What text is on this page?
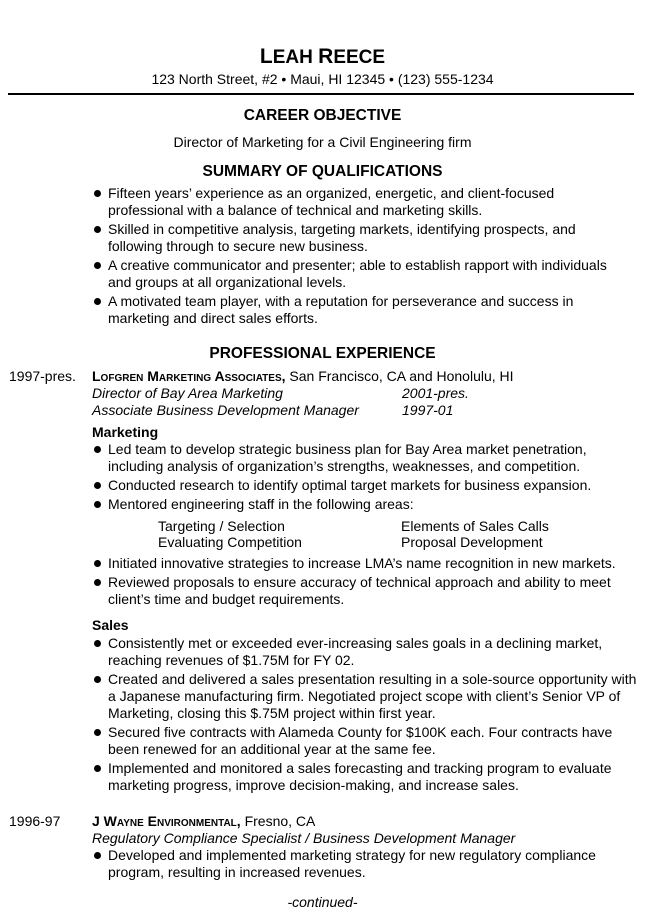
LEAH REECE
123 North Street, #2 • Maui, HI 12345 • (123) 555-1234
CAREER OBJECTIVE
Director of Marketing for a Civil Engineering firm
SUMMARY OF QUALIFICATIONS
Fifteen years’ experience as an organized, energetic, and client-focused professional with a balance of technical and marketing skills.
Skilled in competitive analysis, targeting markets, identifying prospects, and following through to secure new business.
A creative communicator and presenter; able to establish rapport with individuals and groups at all organizational levels.
A motivated team player, with a reputation for perseverance and success in marketing and direct sales efforts.
PROFESSIONAL EXPERIENCE
1997-pres. Lofgren Marketing Associates, San Francisco, CA and Honolulu, HI
Director of Bay Area Marketing	2001-pres.
Associate Business Development Manager	1997-01
Marketing
Led team to develop strategic business plan for Bay Area market penetration, including analysis of organization’s strengths, weaknesses, and competition.
Conducted research to identify optimal target markets for business expansion.
Mentored engineering staff in the following areas:
Targeting / Selection	Elements of Sales Calls
Evaluating Competition	Proposal Development
Initiated innovative strategies to increase LMA’s name recognition in new markets.
Reviewed proposals to ensure accuracy of technical approach and ability to meet client’s time and budget requirements.
Sales
Consistently met or exceeded ever-increasing sales goals in a declining market, reaching revenues of $1.75M for FY 02.
Created and delivered a sales presentation resulting in a sole-source opportunity with a Japanese manufacturing firm. Negotiated project scope with client’s Senior VP of Marketing, closing this $.75M project within first year.
Secured five contracts with Alameda County for $100K each. Four contracts have been renewed for an additional year at the same fee.
Implemented and monitored a sales forecasting and tracking program to evaluate marketing progress, improve decision-making, and increase sales.
1996-97 J Wayne Environmental, Fresno, CA
Regulatory Compliance Specialist / Business Development Manager
Developed and implemented marketing strategy for new regulatory compliance program, resulting in increased revenues.
-continued-
